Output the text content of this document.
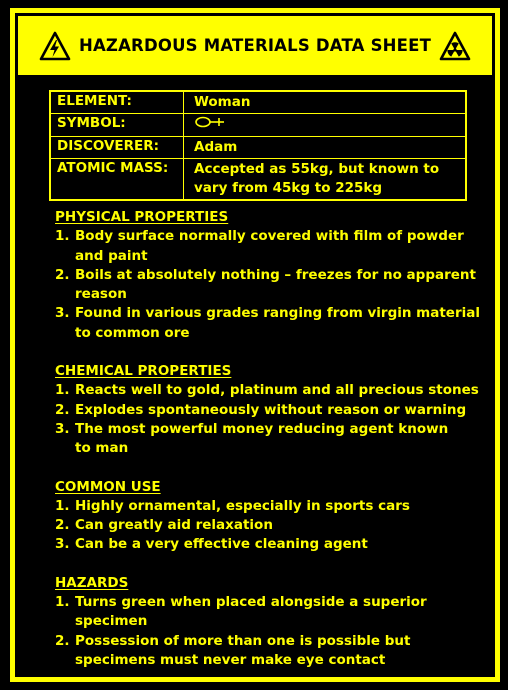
HAZARDOUS MATERIALS DATA SHEET
ELEMENT:	Woman
SYMBOL:
DISCOVERER:	Adam
ATOMIC MASS:	Accepted as 55kg, but known to
vary from 45kg to 225kg
PHYSICAL PROPERTIES
1. Body surface normally covered with film of powder
and paint
2. Boils at absolutely nothing – freezes for no apparent
reason
3. Found in various grades ranging from virgin material
to common ore
CHEMICAL PROPERTIES
1. Reacts well to gold, platinum and all precious stones
2. Explodes spontaneously without reason or warning
3. The most powerful money reducing agent known
to man
COMMON USE
1. Highly ornamental, especially in sports cars
2. Can greatly aid relaxation
3. Can be a very effective cleaning agent
HAZARDS
1. Turns green when placed alongside a superior
specimen
2. Possession of more than one is possible but
specimens must never make eye contact
